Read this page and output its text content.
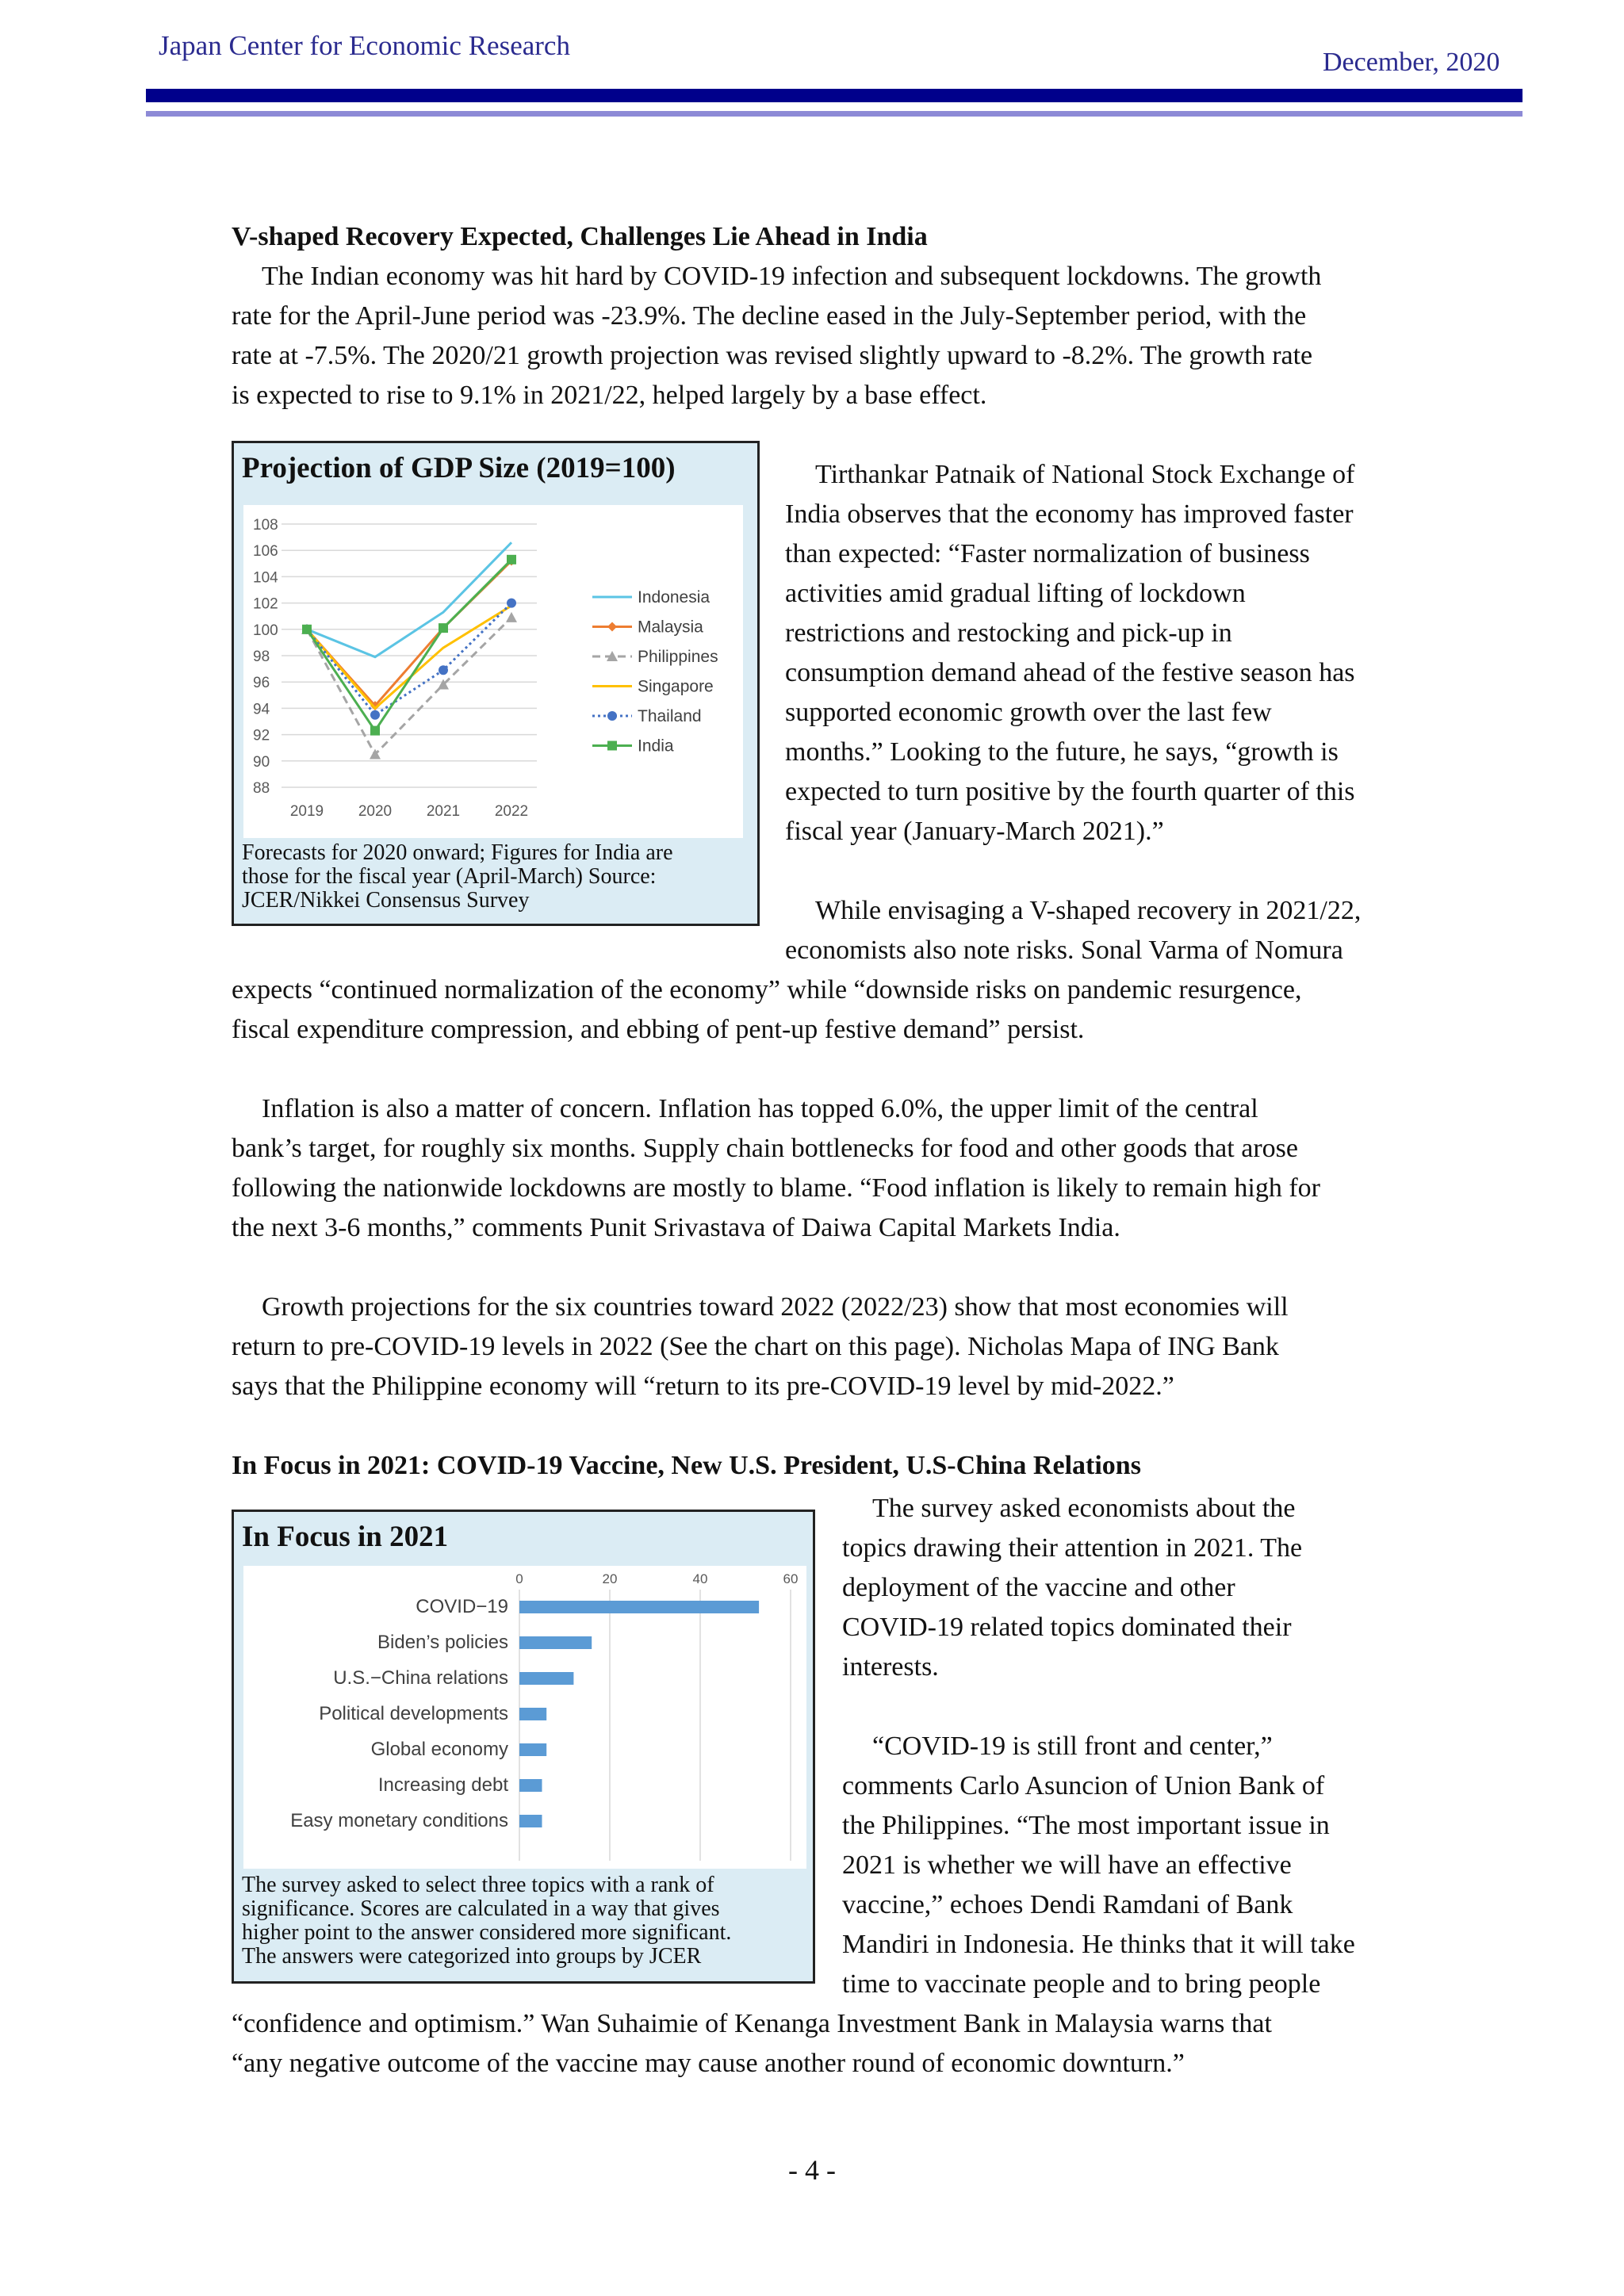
Japan Center for Economic Research
December, 2020
V-shaped Recovery Expected, Challenges Lie Ahead in India
The Indian economy was hit hard by COVID-19 infection and subsequent lockdowns. The growth
rate for the April-June period was -23.9%. The decline eased in the July-September period, with the
rate at -7.5%. The 2020/21 growth projection was revised slightly upward to -8.2%. The growth rate
is expected to rise to 9.1% in 2021/22, helped largely by a base effect.
Projection of GDP Size (2019=100)
108
106
104
102
100
98
96
94
92
90
88
2019 2020 2021 2022
Indonesia
Malaysia
Philippines
Singapore
Thailand
India
Forecasts for 2020 onward; Figures for India are
those for the fiscal year (April-March) Source:
JCER/Nikkei Consensus Survey
Tirthankar Patnaik of National Stock Exchange of
India observes that the economy has improved faster
than expected: “Faster normalization of business
activities amid gradual lifting of lockdown
restrictions and restocking and pick-up in
consumption demand ahead of the festive season has
supported economic growth over the last few
months.” Looking to the future, he says, “growth is
expected to turn positive by the fourth quarter of this
fiscal year (January-March 2021).”
While envisaging a V-shaped recovery in 2021/22,
economists also note risks. Sonal Varma of Nomura
expects “continued normalization of the economy” while “downside risks on pandemic resurgence,
fiscal expenditure compression, and ebbing of pent-up festive demand” persist.
Inflation is also a matter of concern. Inflation has topped 6.0%, the upper limit of the central
bank’s target, for roughly six months. Supply chain bottlenecks for food and other goods that arose
following the nationwide lockdowns are mostly to blame. “Food inflation is likely to remain high for
the next 3-6 months,” comments Punit Srivastava of Daiwa Capital Markets India.
Growth projections for the six countries toward 2022 (2022/23) show that most economies will
return to pre-COVID-19 levels in 2022 (See the chart on this page). Nicholas Mapa of ING Bank
says that the Philippine economy will “return to its pre-COVID-19 level by mid-2022.”
In Focus in 2021: COVID-19 Vaccine, New U.S. President, U.S-China Relations
In Focus in 2021
0	20	40	60
COVID−19
Biden’s policies
U.S.−China relations
Political developments
Global economy
Increasing debt
Easy monetary conditions
The survey asked to select three topics with a rank of
significance. Scores are calculated in a way that gives
higher point to the answer considered more significant.
The answers were categorized into groups by JCER
The survey asked economists about the
topics drawing their attention in 2021. The
deployment of the vaccine and other
COVID-19 related topics dominated their
interests.
“COVID-19 is still front and center,”
comments Carlo Asuncion of Union Bank of
the Philippines. “The most important issue in
2021 is whether we will have an effective
vaccine,” echoes Dendi Ramdani of Bank
Mandiri in Indonesia. He thinks that it will take
time to vaccinate people and to bring people
“confidence and optimism.” Wan Suhaimie of Kenanga Investment Bank in Malaysia warns that
“any negative outcome of the vaccine may cause another round of economic downturn.”
- 4 -
